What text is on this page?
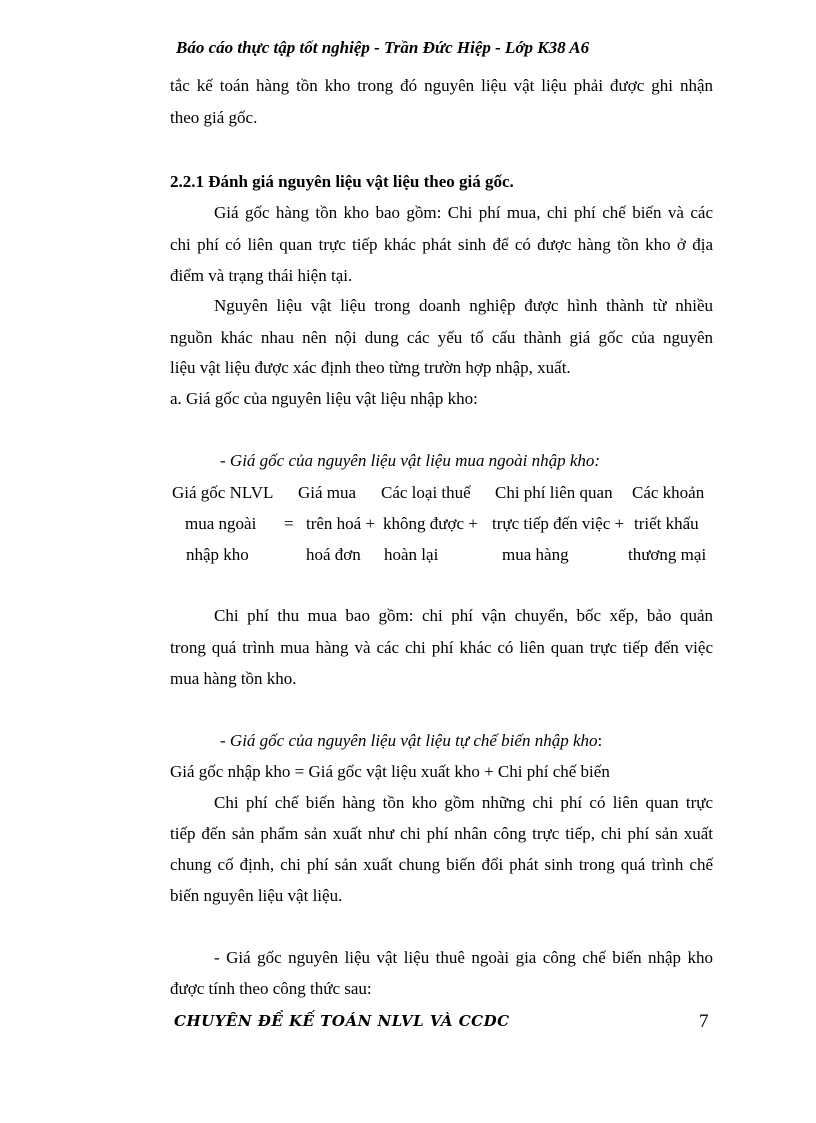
Báo cáo thực tập tốt nghiệp - Trần Đức Hiệp - Lớp K38 A6
tắc kế toán hàng tồn kho trong đó nguyên liệu vật liệu phải được ghi nhận
theo giá gốc.
2.2.1 Đánh giá nguyên liệu vật liệu theo giá gốc.
Giá gốc hàng tồn kho bao gồm: Chi phí mua, chi phí chế biến và các
chi phí có liên quan trực tiếp khác phát sinh để có được hàng tồn kho ở địa
điểm và trạng thái hiện tại.
Nguyên liệu vật liệu trong doanh nghiệp được hình thành từ nhiều
nguồn khác nhau nên nội dung các yếu tố cấu thành giá gốc của nguyên
liệu vật liệu được xác định theo từng trườn hợp nhập, xuất.
a. Giá gốc của nguyên liệu vật liệu nhập kho:
- Giá gốc của nguyên liệu vật liệu mua ngoài nhập kho:
Giá gốc NLVL Giá mua Các loại thuế Chi phí liên quan Các khoản
mua ngoài = trên hoá + không được + trực tiếp đến việc + triết khấu
nhập kho	hoá đơn hoàn lại	mua hàng	thương mại
Chi phí thu mua bao gồm: chi phí vận chuyển, bốc xếp, bảo quản
trong quá trình mua hàng và các chi phí khác có liên quan trực tiếp đến việc
mua hàng tồn kho.
- Giá gốc của nguyên liệu vật liệu tự chế biến nhập kho:
Giá gốc nhập kho = Giá gốc vật liệu xuất kho + Chi phí chế biến
Chi phí chế biến hàng tồn kho gồm những chi phí có liên quan trực
tiếp đến sản phẩm sản xuất như chi phí nhân công trực tiếp, chi phí sản xuất
chung cố định, chi phí sản xuất chung biến đổi phát sinh trong quá trình chế
biến nguyên liệu vật liệu.
- Giá gốc nguyên liệu vật liệu thuê ngoài gia công chế biến nhập kho
được tính theo công thức sau:
CHUYÊN ĐỀ KẾ TOÁN NLVL VÀ CCDC	7
